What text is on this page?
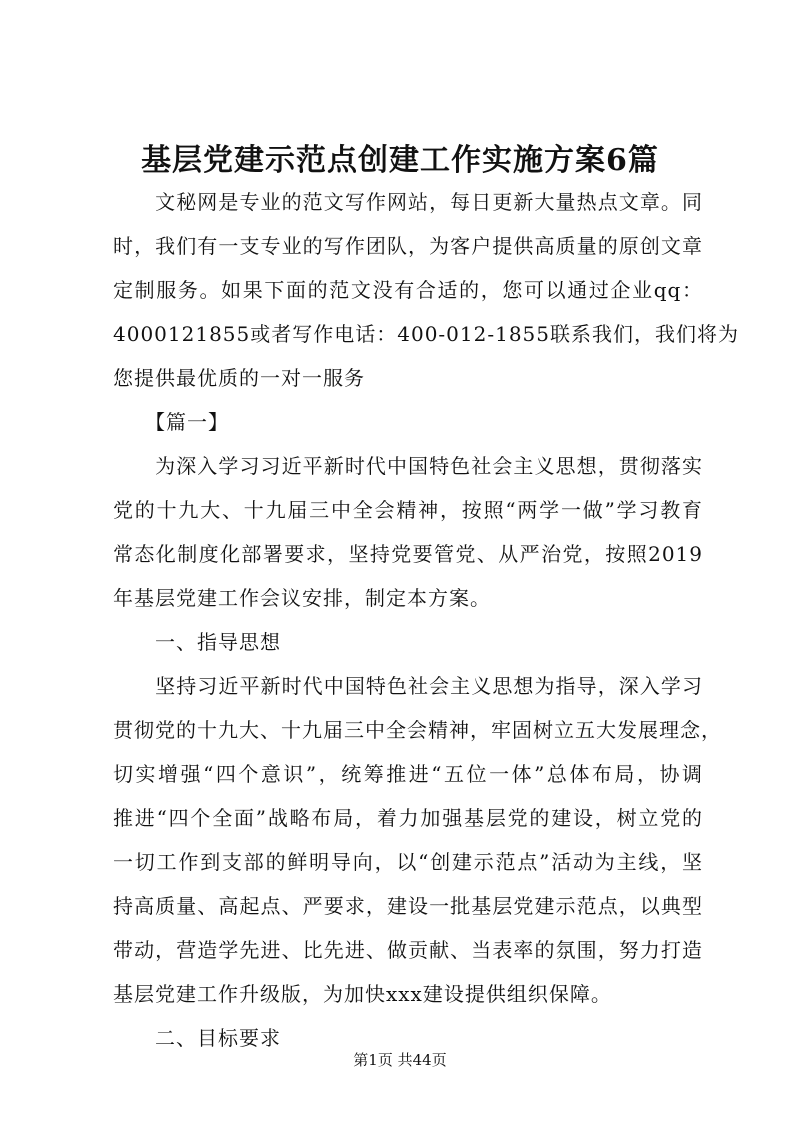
基层党建示范点创建工作实施方案6篇
　　文秘网是专业的范文写作网站，每日更新大量热点文章。同
时，我们有一支专业的写作团队，为客户提供高质量的原创文章
定制服务。如果下面的范文没有合适的，您可以通过企业qq：
4000121855或者写作电话：400-012-1855联系我们，我们将为
您提供最优质的一对一服务
　　【篇一】
　　为深入学习习近平新时代中国特色社会主义思想，贯彻落实
党的十九大、十九届三中全会精神，按照“两学一做”学习教育
常态化制度化部署要求，坚持党要管党、从严治党，按照2019
年基层党建工作会议安排，制定本方案。
　　一、指导思想
　　坚持习近平新时代中国特色社会主义思想为指导，深入学习
贯彻党的十九大、十九届三中全会精神，牢固树立五大发展理念，
切实增强“四个意识”，统筹推进“五位一体”总体布局，协调
推进“四个全面”战略布局，着力加强基层党的建设，树立党的
一切工作到支部的鲜明导向，以“创建示范点”活动为主线，坚
持高质量、高起点、严要求，建设一批基层党建示范点，以典型
带动，营造学先进、比先进、做贡献、当表率的氛围，努力打造
基层党建工作升级版，为加快xxx建设提供组织保障。
　　二、目标要求
第1页 共44页
